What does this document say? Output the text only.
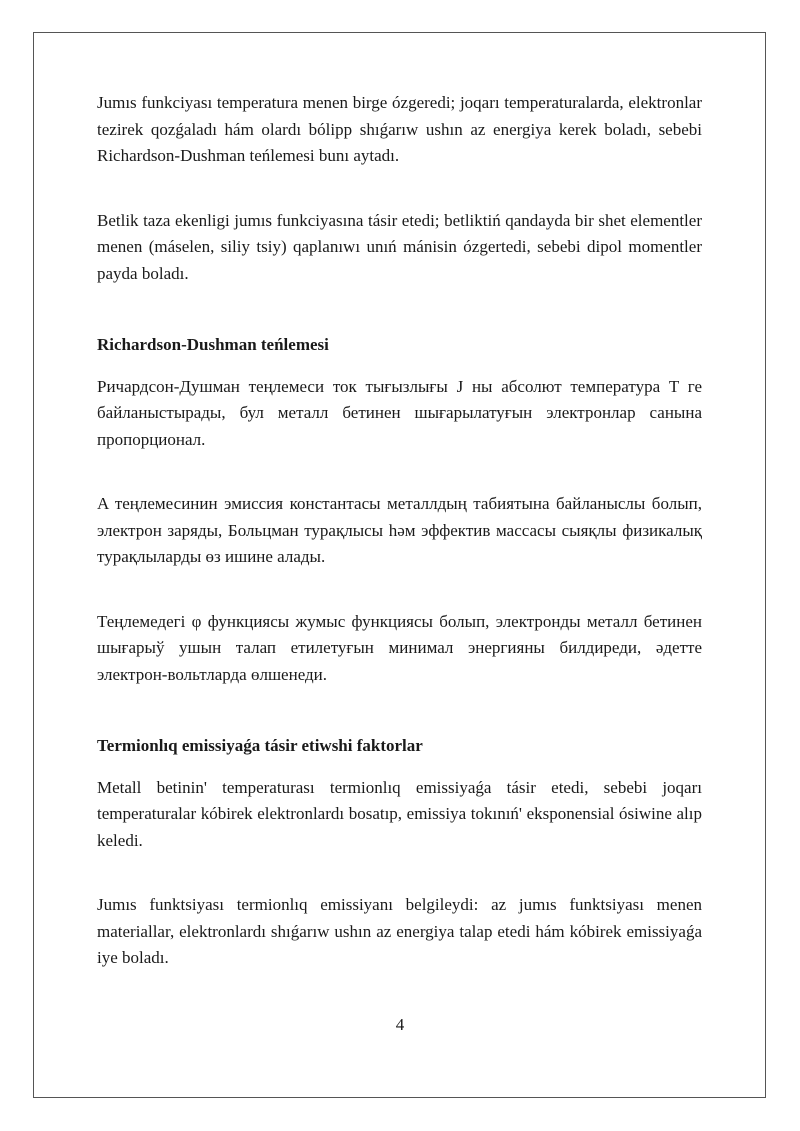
Jumıs funkciyası temperatura menen birge ózgeredi; joqarı temperaturalarda, elektronlar tezirek qozǵaladı hám olardı bólipp shıǵarıw ushın az energiya kerek boladı, sebebi Richardson-Dushman teńlemesi bunı aytadı.

Betlik taza ekenligi jumıs funkciyasına tásir etedi; betliktiń qandayda bir shet elementler menen (máselen, siliy tsiy) qaplanıwı unıń mánisin ózgertedi, sebebi dipol momentler payda boladı.

Richardson-Dushman teńlemesi

Ричардсон-Душман теңлемеси ток тығызлығы J ны абсолют температура T ге байланыстырады, бул металл бетинен шығарылатуғын электронлар санына пропорционал.

A теңлемесинин эмиссия константасы металлдың табиятына байланыслы болып, электрон заряды, Больцман турақлысы һәм эффектив массасы сыяқлы физикалық турақлыларды өз ишине алады.

Теңлемедегі φ функциясы жумыс функциясы болып, электронды металл бетинен шығарыў ушын талап етилетуғын минимал энергияны билдиреди, әдетте электрон-вольтларда өлшенеди.

Termionlıq emissiyaǵa tásir etiwshi faktorlar

Metall betinin' temperaturası termionlıq emissiyaǵa tásir etedi, sebebi joqarı temperaturalar kóbirek elektronlardı bosatıp, emissiya tokınıń' eksponensial ósiwine alıp keledi.

Jumıs funktsiyası termionlıq emissiyanı belgileydi: az jumıs funktsiyası menen materiallar, elektronlardı shıǵarıw ushın az energiya talap etedi hám kóbirek emissiyaǵa iye boladı.

4
